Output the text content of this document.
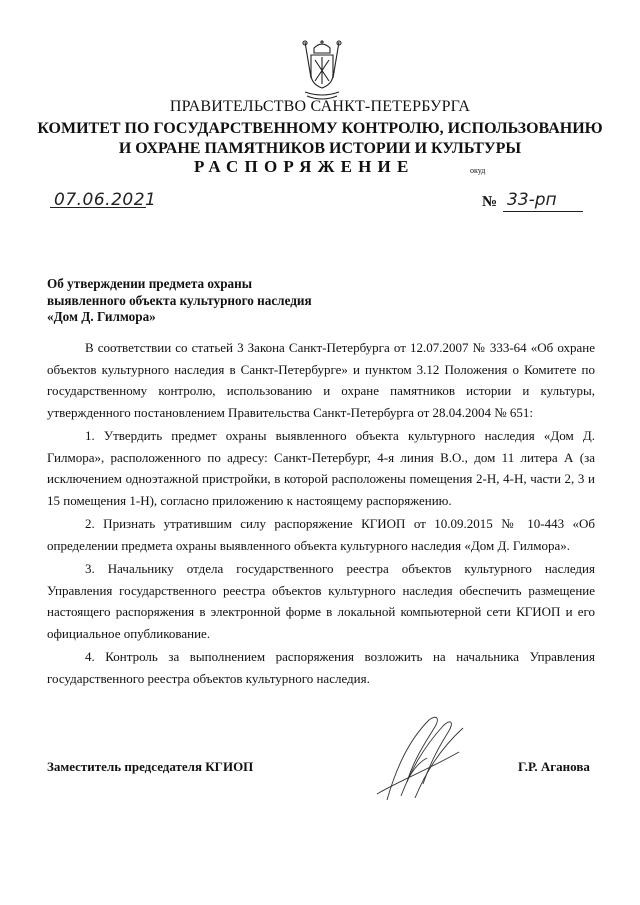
ПРАВИТЕЛЬСТВО САНКТ-ПЕТЕРБУРГА
КОМИТЕТ ПО ГОСУДАРСТВЕННОМУ КОНТРОЛЮ, ИСПОЛЬЗОВАНИЮ
И ОХРАНЕ ПАМЯТНИКОВ ИСТОРИИ И КУЛЬТУРЫ
РАСПОРЯЖЕНИЕ	окуд
07.06.2021	№ 33-рп
Об утверждении предмета охраны
выявленного объекта культурного наследия
«Дом Д. Гилмора»

В соответствии со статьей 3 Закона Санкт-Петербурга от 12.07.2007 № 333-64 «Об охране объектов культурного наследия в Санкт-Петербурге» и пунктом 3.12 Положения о Комитете по государственному контролю, использованию и охране памятников истории и культуры, утвержденного постановлением Правительства Санкт-Петербурга от 28.04.2004 № 651:

1. Утвердить предмет охраны выявленного объекта культурного наследия «Дом Д. Гилмора», расположенного по адресу: Санкт-Петербург, 4-я линия В.О., дом 11 литера А (за исключением одноэтажной пристройки, в которой расположены помещения 2-Н, 4-Н, части 2, 3 и 15 помещения 1-Н), согласно приложению к настоящему распоряжению.

2. Признать утратившим силу распоряжение КГИОП от 10.09.2015 № 10-443 «Об определении предмета охраны выявленного объекта культурного наследия «Дом Д. Гилмора».

3. Начальнику отдела государственного реестра объектов культурного наследия Управления государственного реестра объектов культурного наследия обеспечить размещение настоящего распоряжения в электронной форме в локальной компьютерной сети КГИОП и его официальное опубликование.

4. Контроль за выполнением распоряжения возложить на начальника Управления государственного реестра объектов культурного наследия.

Заместитель председателя КГИОП	Г.Р. Аганова
